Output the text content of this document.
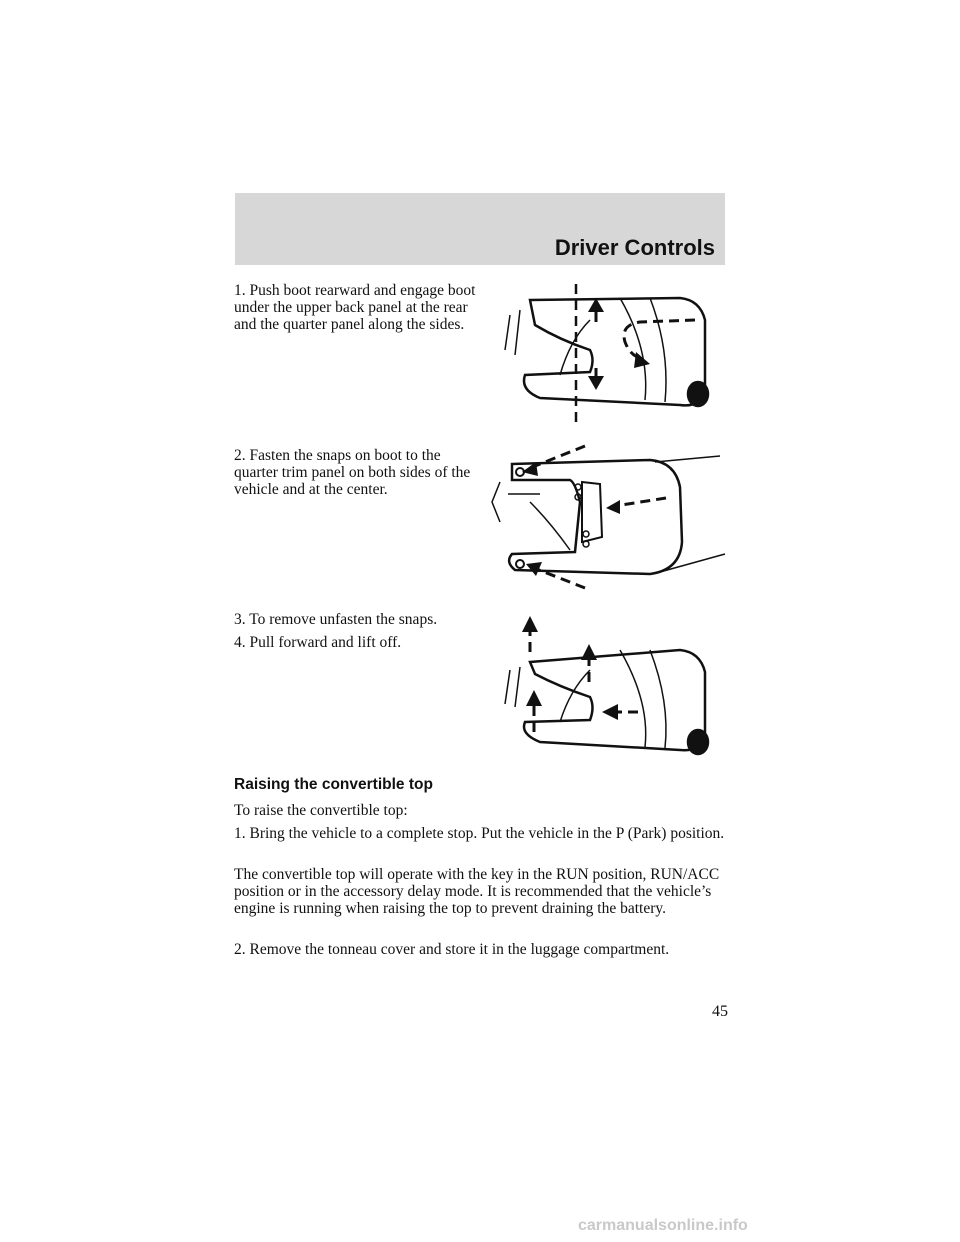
Driver Controls

1. Push boot rearward and engage boot under the upper back panel at the rear and the quarter panel along the sides.

2. Fasten the snaps on boot to the quarter trim panel on both sides of the vehicle and at the center.

3. To remove unfasten the snaps.

4. Pull forward and lift off.

Raising the convertible top

To raise the convertible top:

1. Bring the vehicle to a complete stop. Put the vehicle in the P (Park) position.

The convertible top will operate with the key in the RUN position, RUN/ACC position or in the accessory delay mode. It is recommended that the vehicle’s engine is running when raising the top to prevent draining the battery.

2. Remove the tonneau cover and store it in the luggage compartment.

45

carmanualsonline.info
